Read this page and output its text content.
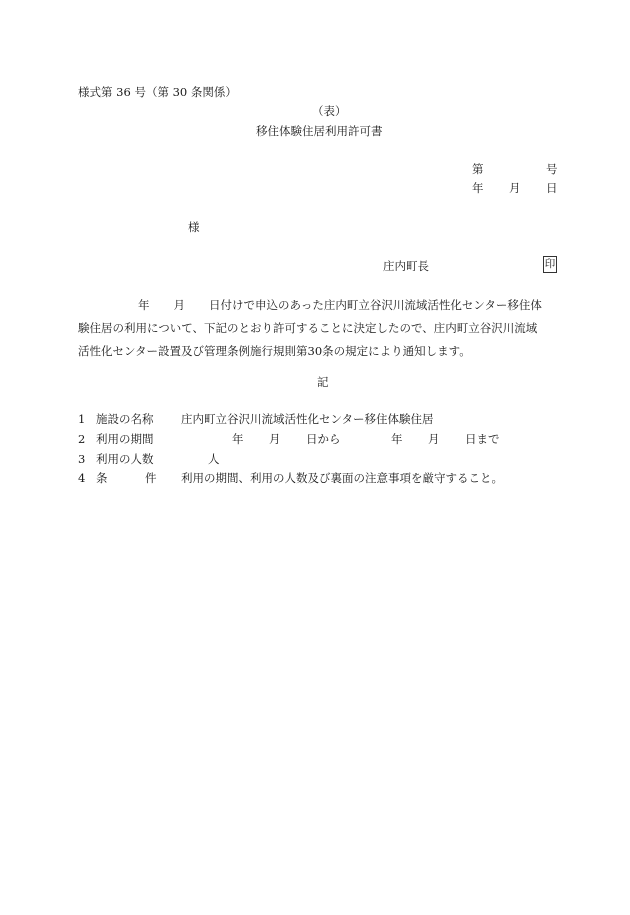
様式第 36 号（第 30 条関係）
（表）
移住体験住居利用許可書
第	号
年 月 日
様
庄内町長	印
年 月 日付けで申込のあった庄内町立谷沢川流域活性化センター移住体
験住居の利用について、下記のとおり許可することに決定したので、庄内町立谷沢川流域
活性化センター設置及び管理条例施行規則第30条の規定により通知します。
記
1 施設の名称 庄内町立谷沢川流域活性化センター移住体験住居
2 利用の期間	年 月 日から	年 月 日まで
3 利用の人数	人
4 条	件 利用の期間、利用の人数及び裏面の注意事項を厳守すること。
